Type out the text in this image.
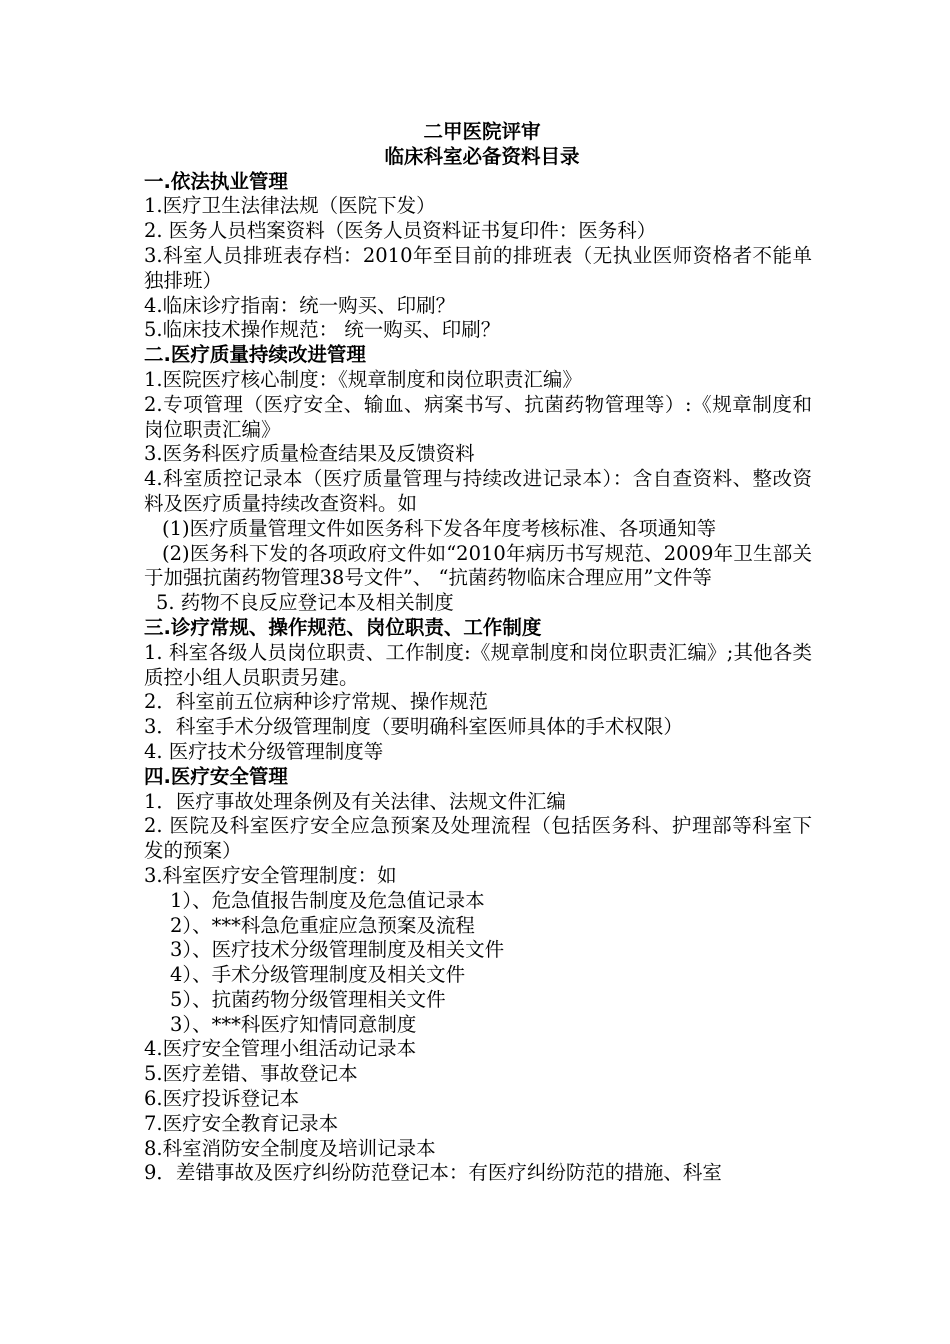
二甲医院评审
临床科室必备资料目录
一.依法执业管理
1.医疗卫生法律法规（医院下发）
2. 医务人员档案资料（医务人员资料证书复印件：医务科）
3.科室人员排班表存档：2010年至目前的排班表（无执业医师资格者不能单独排班）
4.临床诊疗指南：统一购买、印刷？
5.临床技术操作规范： 统一购买、印刷？
二.医疗质量持续改进管理
1.医院医疗核心制度：《规章制度和岗位职责汇编》
2.专项管理（医疗安全、输血、病案书写、抗菌药物管理等）:《规章制度和岗位职责汇编》
3.医务科医疗质量检查结果及反馈资料
4.科室质控记录本（医疗质量管理与持续改进记录本）：含自查资料、整改资料及医疗质量持续改查资料。如
(1)医疗质量管理文件如医务科下发各年度考核标准、各项通知等
(2)医务科下发的各项政府文件如“2010年病历书写规范、2009年卫生部关于加强抗菌药物管理38号文件”、 “抗菌药物临床合理应用”文件等
5. 药物不良反应登记本及相关制度
三.诊疗常规、操作规范、岗位职责、工作制度
1. 科室各级人员岗位职责、工作制度:《规章制度和岗位职责汇编》;其他各类质控小组人员职责另建。
2．科室前五位病种诊疗常规、操作规范
3．科室手术分级管理制度（要明确科室医师具体的手术权限）
4. 医疗技术分级管理制度等
四.医疗安全管理
1．医疗事故处理条例及有关法律、法规文件汇编
2. 医院及科室医疗安全应急预案及处理流程（包括医务科、护理部等科室下发的预案）
3.科室医疗安全管理制度：如
1）、危急值报告制度及危急值记录本
2）、***科急危重症应急预案及流程
3）、医疗技术分级管理制度及相关文件
4）、手术分级管理制度及相关文件
5）、抗菌药物分级管理相关文件
3）、***科医疗知情同意制度
4.医疗安全管理小组活动记录本
5.医疗差错、事故登记本
6.医疗投诉登记本
7.医疗安全教育记录本
8.科室消防安全制度及培训记录本
9．差错事故及医疗纠纷防范登记本：有医疗纠纷防范的措施、科室
